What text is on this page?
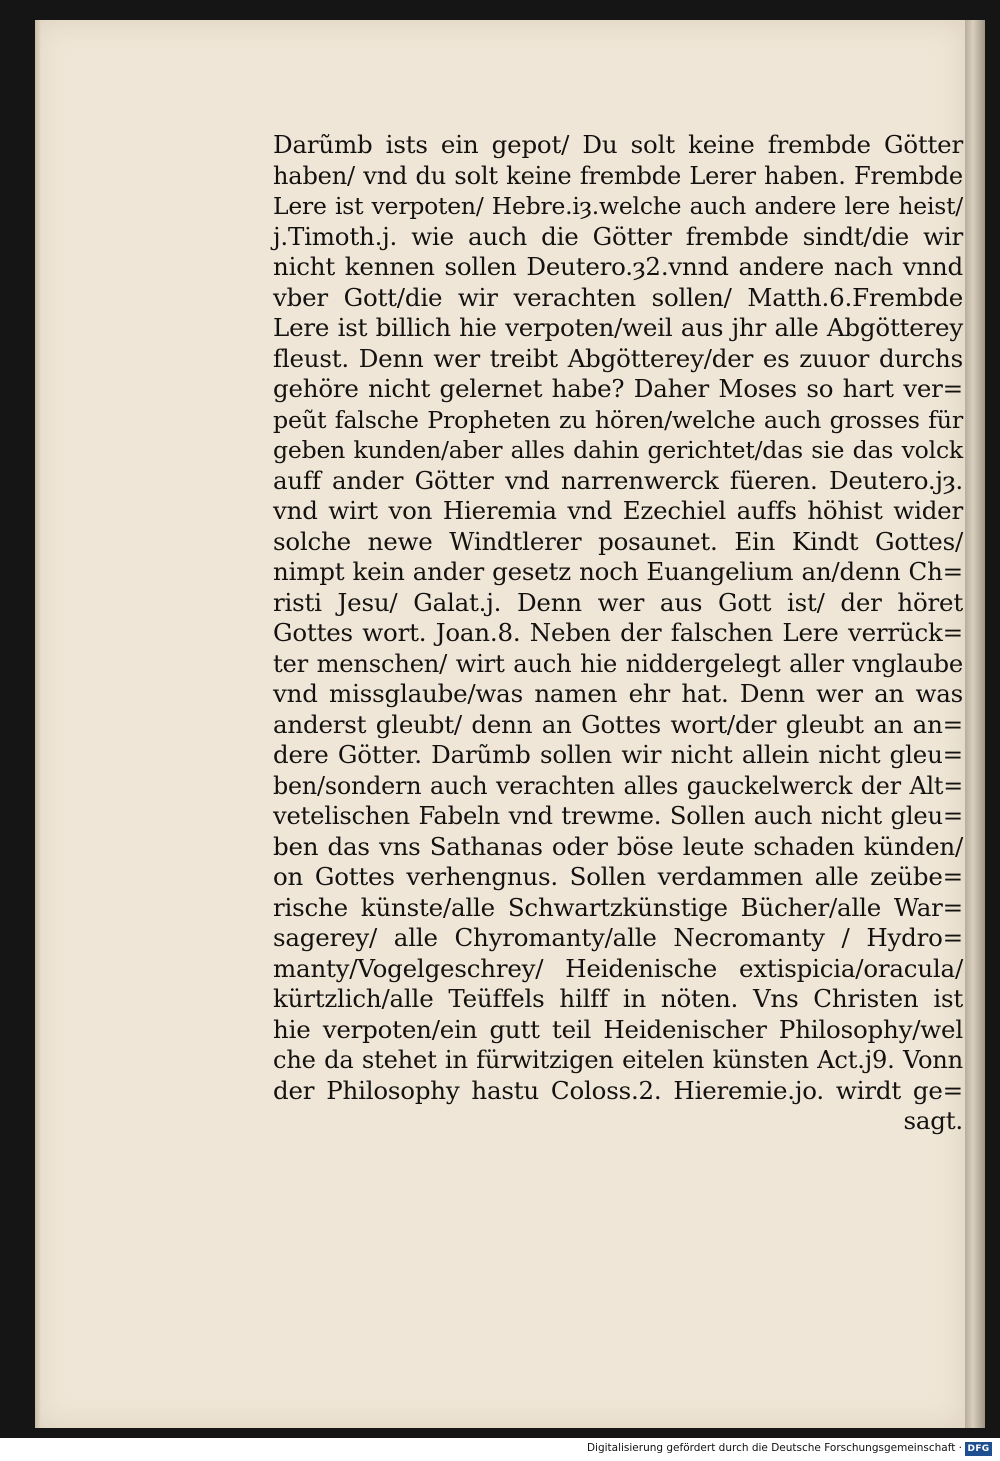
Darũmb ists ein gepot/ Du solt keine frembde Götter
haben/ vnd du solt keine frembde Lerer haben. Frembde
Lere ist verpoten/ Hebre.iȝ.welche auch andere lere heist/
j.Timoth.j. wie auch die Götter frembde sindt/die wir
nicht kennen sollen Deutero.ȝ2.vnnd andere nach vnnd
vber Gott/die wir verachten sollen/ Matth.6.Frembde
Lere ist billich hie verpoten/weil aus jhr alle Abgötterey
fleust. Denn wer treibt Abgötterey/der es zuuor durchs
gehöre nicht gelernet habe? Daher Moses so hart ver=
peũt falsche Propheten zu hören/welche auch grosses für
geben kunden/aber alles dahin gerichtet/das sie das volck
auff ander Götter vnd narrenwerck füeren. Deutero.jȝ.
vnd wirt von Hieremia vnd Ezechiel auffs höhist wider
solche newe Windtlerer posaunet. Ein Kindt Gottes/
nimpt kein ander gesetz noch Euangelium an/denn Ch=
risti Jesu/ Galat.j. Denn wer aus Gott ist/ der höret
Gottes wort. Joan.8. Neben der falschen Lere verrück=
ter menschen/ wirt auch hie niddergelegt aller vnglaube
vnd missglaube/was namen ehr hat. Denn wer an was
anderst gleubt/ denn an Gottes wort/der gleubt an an=
dere Götter. Darũmb sollen wir nicht allein nicht gleu=
ben/sondern auch verachten alles gauckelwerck der Alt=
vetelischen Fabeln vnd trewme. Sollen auch nicht gleu=
ben das vns Sathanas oder böse leute schaden künden/
on Gottes verhengnus. Sollen verdammen alle zeübe=
rische künste/alle Schwartzkünstige Bücher/alle War=
sagerey/ alle Chyromanty/alle Necromanty / Hydro=
manty/Vogelgeschrey/ Heidenische extispicia/oracula/
kürtzlich/alle Teüffels hilff in nöten. Vns Christen ist
hie verpoten/ein gutt teil Heidenischer Philosophy/wel
che da stehet in fürwitzigen eitelen künsten Act.j9. Vonn
der Philosophy hastu Coloss.2. Hieremie.jo. wirdt ge=
sagt.
Digitalisierung gefördert durch die Deutsche Forschungsgemeinschaft · DFG
